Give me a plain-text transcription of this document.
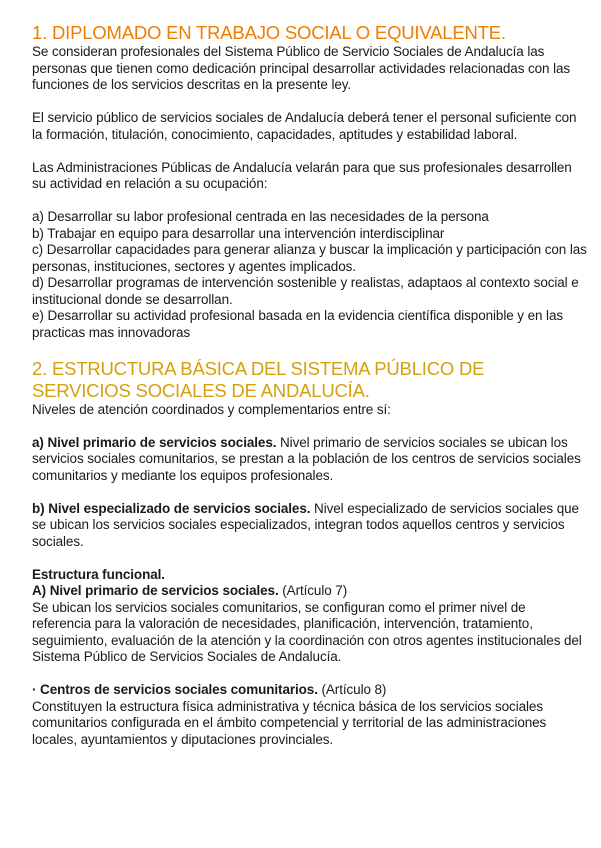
1. DIPLOMADO EN TRABAJO SOCIAL O EQUIVALENTE.

Se consideran profesionales del Sistema Público de Servicio Sociales de Andalucía las personas que tienen como dedicación principal desarrollar actividades relacionadas con las funciones de los servicios descritas en la presente ley.

El servicio público de servicios sociales de Andalucía deberá tener el personal suficiente con la formación, titulación, conocimiento, capacidades, aptitudes y estabilidad laboral.

Las Administraciones Públicas de Andalucía velarán para que sus profesionales desarrollen su actividad en relación a su ocupación:

a) Desarrollar su labor profesional centrada en las necesidades de la persona

b) Trabajar en equipo para desarrollar una intervención interdisciplinar

c) Desarrollar capacidades para generar alianza y buscar la implicación y participación con las personas, instituciones, sectores y agentes implicados.

d) Desarrollar programas de intervención sostenible y realistas, adaptaos al contexto social e institucional donde se desarrollan.

e) Desarrollar su actividad profesional basada en la evidencia científica disponible y en las practicas mas innovadoras

2. ESTRUCTURA BÁSICA DEL SISTEMA PÚBLICO DE
SERVICIOS SOCIALES DE ANDALUCÍA.

Niveles de atención coordinados y complementarios entre sí:

a) Nivel primario de servicios sociales. Nivel primario de servicios sociales se ubican los servicios sociales comunitarios, se prestan a la población de los centros de servicios sociales comunitarios y mediante los equipos profesionales.

b) Nivel especializado de servicios sociales. Nivel especializado de servicios sociales que se ubican los servicios sociales especializados, integran todos aquellos centros y servicios sociales.

Estructura funcional.

A) Nivel primario de servicios sociales. (Artículo 7)

Se ubican los servicios sociales comunitarios, se configuran como el primer nivel de referencia para la valoración de necesidades, planificación, intervención, tratamiento, seguimiento, evaluación de la atención y la coordinación con otros agentes institucionales del Sistema Público de Servicios Sociales de Andalucía.

· Centros de servicios sociales comunitarios. (Artículo 8)

Constituyen la estructura física administrativa y técnica básica de los servicios sociales comunitarios configurada en el ámbito competencial y territorial de las administraciones locales, ayuntamientos y diputaciones provinciales.
